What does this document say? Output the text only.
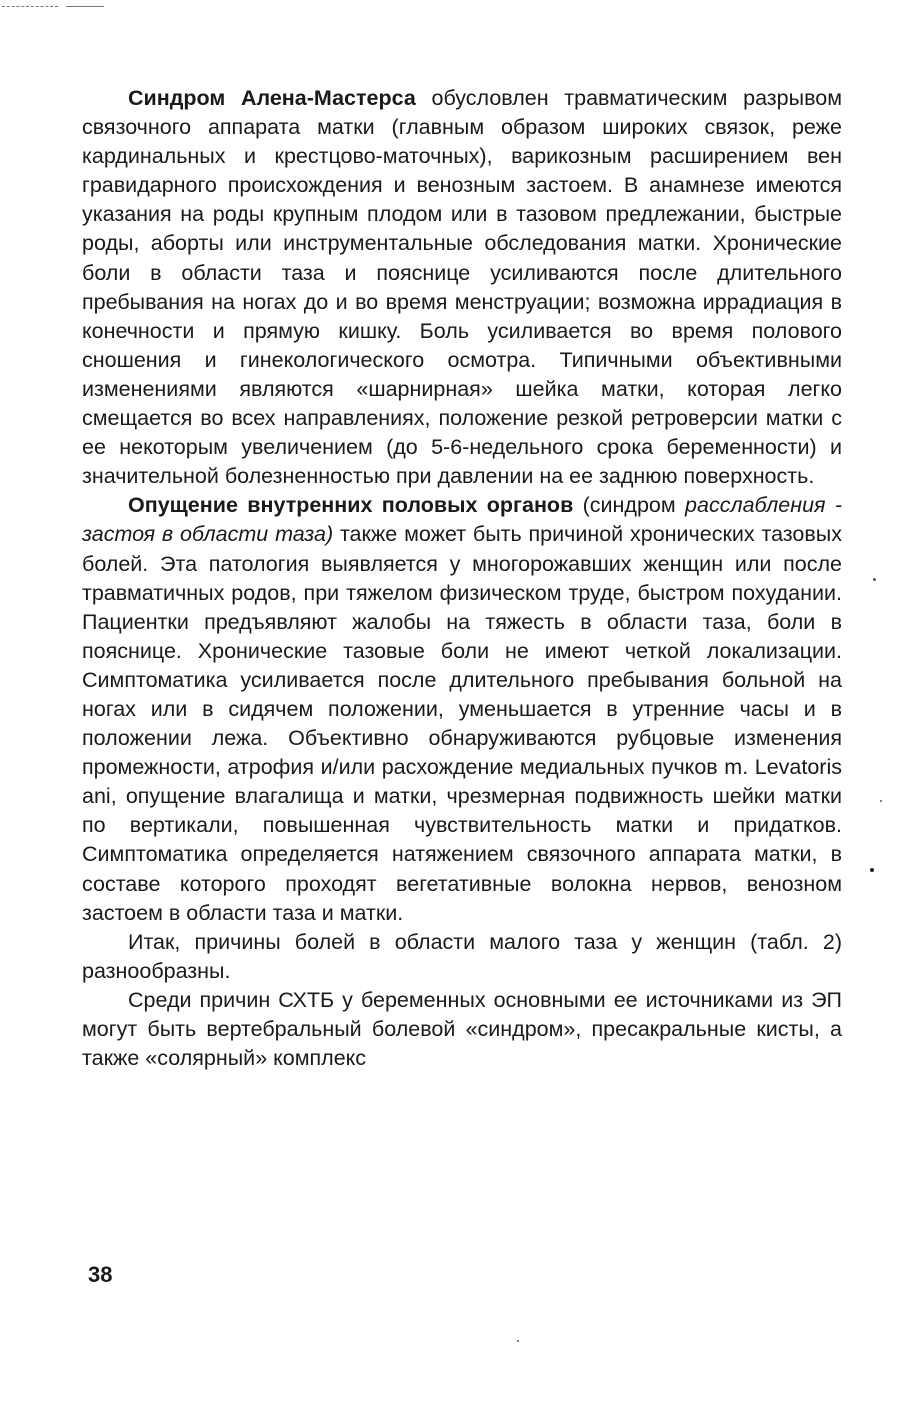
Синдром Алена-Мастерса обусловлен травматическим разрывом связочного аппарата матки (главным образом широких связок, реже кардинальных и крестцово-маточных), варикозным расширением вен гравидарного происхождения и венозным застоем. В анамнезе имеются указания на роды крупным плодом или в тазовом предлежании, быстрые роды, аборты или инструментальные обследования матки. Хронические боли в области таза и пояснице усиливаются после длительного пребывания на ногах до и во время менструации; возможна иррадиация в конечности и прямую кишку. Боль усиливается во время полового сношения и гинекологического осмотра. Типичными объективными изменениями являются «шарнирная» шейка матки, которая легко смещается во всех направлениях, положение резкой ретроверсии матки с ее некоторым увеличением (до 5-6-недельного срока беременности) и значительной болезненностью при давлении на ее заднюю поверхность.

Опущение внутренних половых органов (синдром расслабления - застоя в области таза) также может быть причиной хронических тазовых болей. Эта патология выявляется у многорожавших женщин или после травматичных родов, при тяжелом физическом труде, быстром похудании. Пациентки предъявляют жалобы на тяжесть в области таза, боли в пояснице. Хронические тазовые боли не имеют четкой локализации. Симптоматика усиливается после длительного пребывания больной на ногах или в сидячем положении, уменьшается в утренние часы и в положении лежа. Объективно обнаруживаются рубцовые изменения промежности, атрофия и/или расхождение медиальных пучков m. Levatoris ani, опущение влагалища и матки, чрезмерная подвижность шейки матки по вертикали, повышенная чувствительность матки и придатков. Симптоматика определяется натяжением связочного аппарата матки, в составе которого проходят вегетативные волокна нервов, венозном застоем в области таза и матки.

Итак, причины болей в области малого таза у женщин (табл. 2) разнообразны.

Среди причин СХТБ у беременных основными ее источниками из ЭП могут быть вертебральный болевой «синдром», пресакральные кисты, а также «солярный» комплекс

38
